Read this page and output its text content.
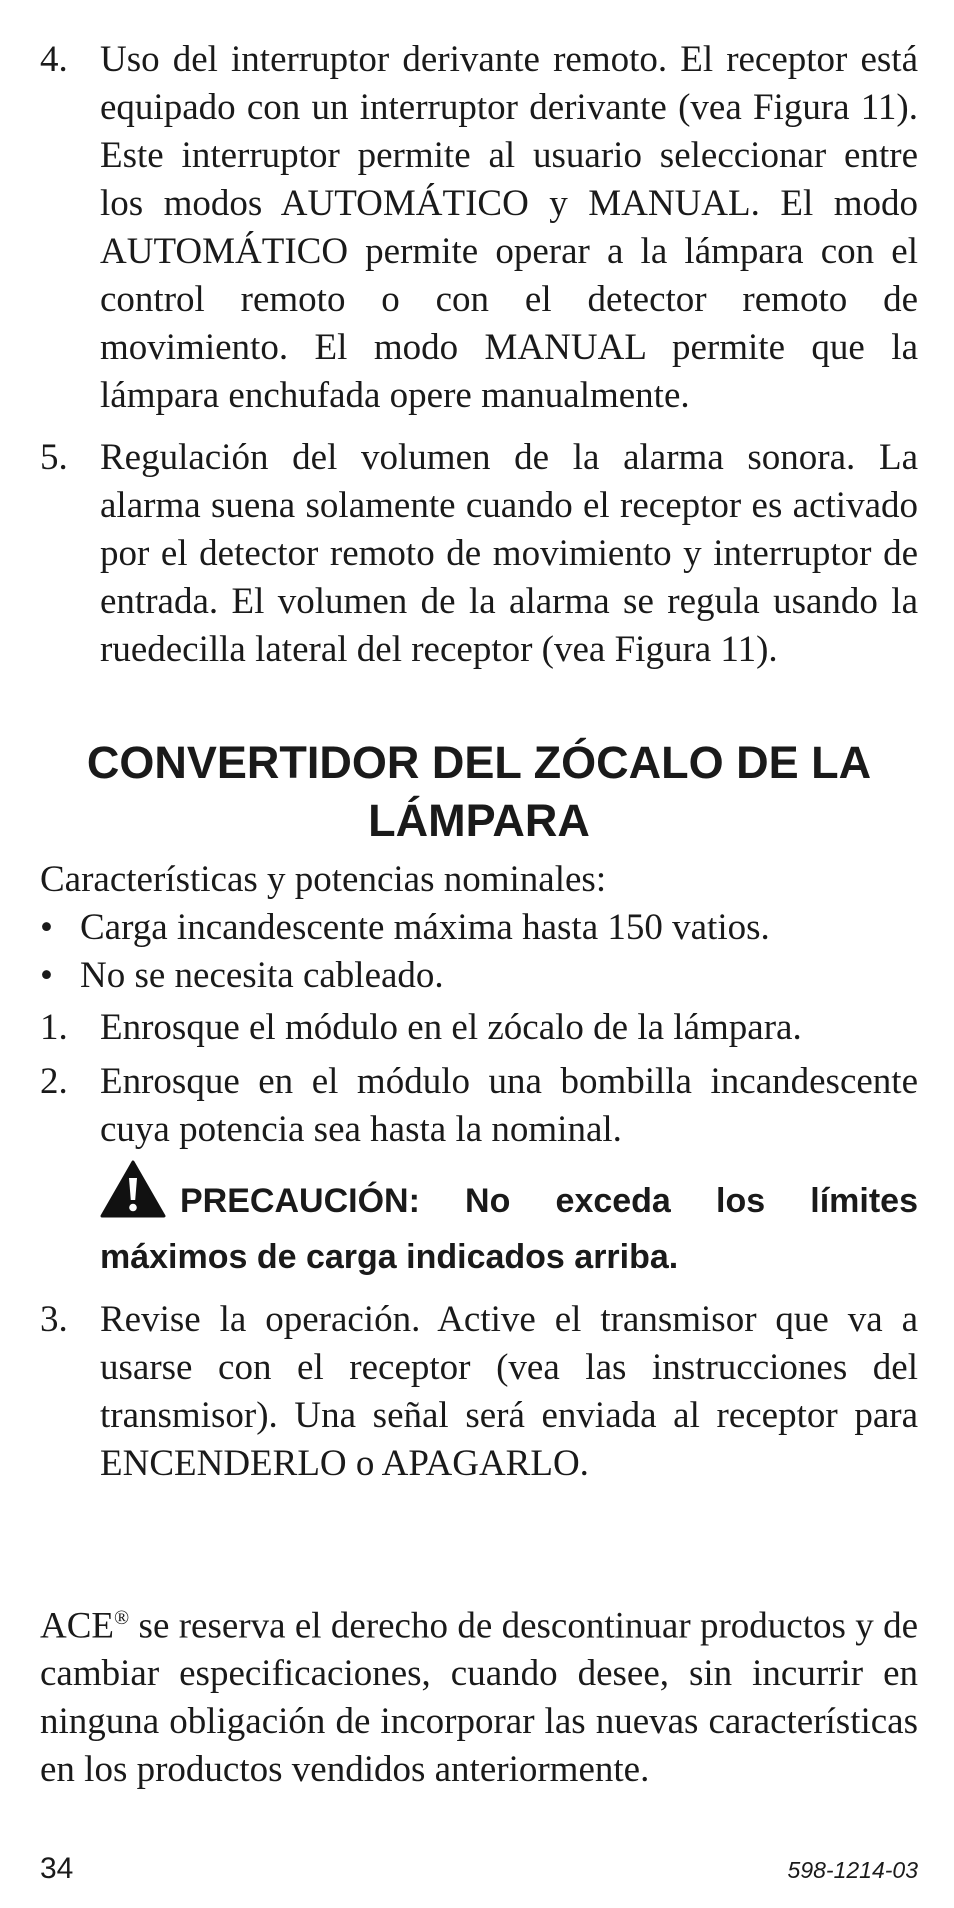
4. Uso del interruptor derivante remoto. El receptor está equipado con un interruptor derivante (vea Figura 11). Este interruptor permite al usuario seleccionar entre los modos AUTOMÁTICO y MANUAL. El modo AUTOMÁTICO permite operar a la lámpara con el control remoto o con el detector remoto de movimiento. El modo MANUAL permite que la lámpara enchufada opere manualmente.
5. Regulación del volumen de la alarma sonora. La alarma suena solamente cuando el receptor es activado por el detector remoto de movimiento y interruptor de entrada. El volumen de la alarma se regula usando la ruedecilla lateral del receptor (vea Figura 11).
CONVERTIDOR DEL ZÓCALO DE LA
LÁMPARA
Características y potencias nominales:
• Carga incandescente máxima hasta 150 vatios.
• No se necesita cableado.
1. Enrosque el módulo en el zócalo de la lámpara.
2. Enrosque en el módulo una bombilla incandescente cuya potencia sea hasta la nominal.
PRECAUCIÓN: No exceda los límites máximos de carga indicados arriba.
3. Revise la operación. Active el transmisor que va a usarse con el receptor (vea las instrucciones del transmisor). Una señal será enviada al receptor para ENCENDERLO o APAGARLO.
ACE® se reserva el derecho de descontinuar productos y de cambiar especificaciones, cuando desee, sin incurrir en ninguna obligación de incorporar las nuevas características en los productos vendidos anteriormente.
34	598-1214-03
